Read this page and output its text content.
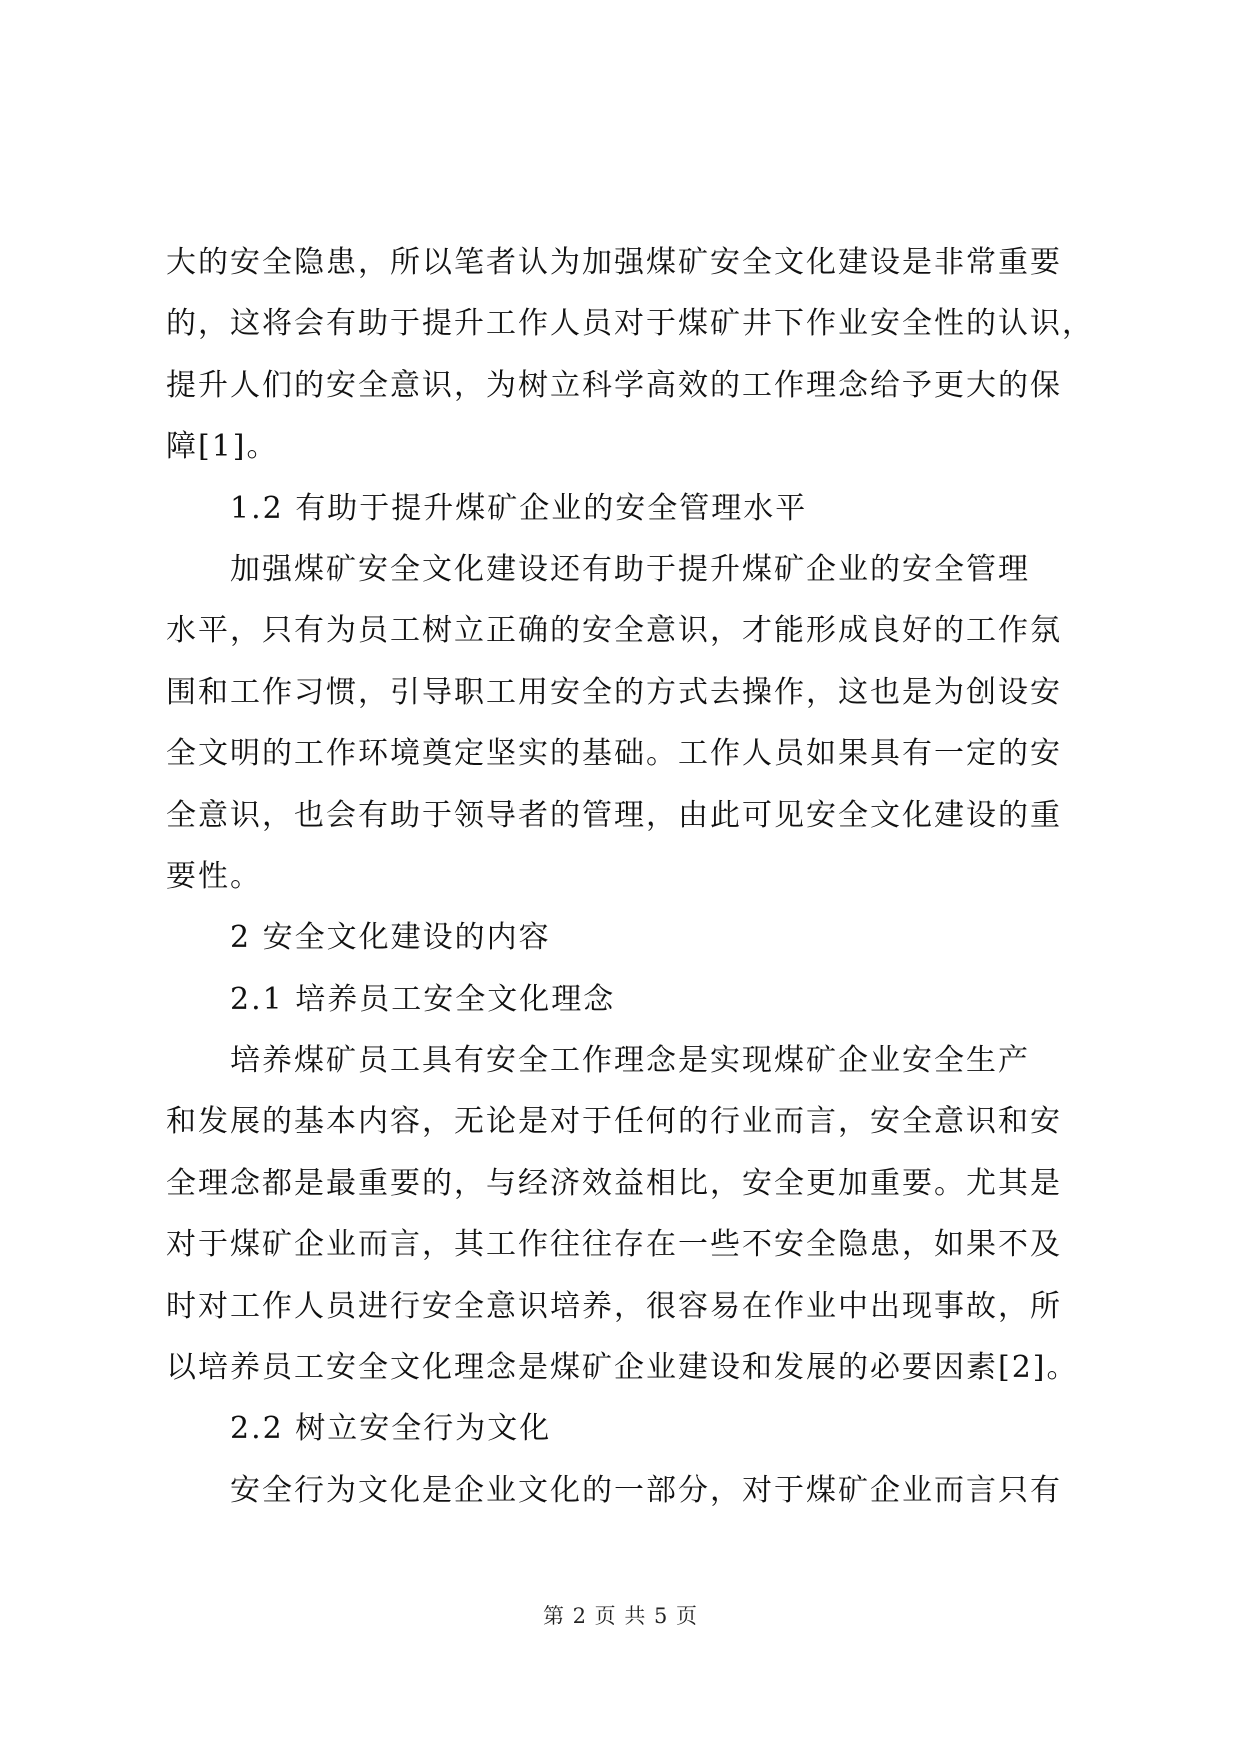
大的安全隐患，所以笔者认为加强煤矿安全文化建设是非常重要
的，这将会有助于提升工作人员对于煤矿井下作业安全性的认识，
提升人们的安全意识，为树立科学高效的工作理念给予更大的保
障[1]。
1.2 有助于提升煤矿企业的安全管理水平
加强煤矿安全文化建设还有助于提升煤矿企业的安全管理
水平，只有为员工树立正确的安全意识，才能形成良好的工作氛
围和工作习惯，引导职工用安全的方式去操作，这也是为创设安
全文明的工作环境奠定坚实的基础。工作人员如果具有一定的安
全意识，也会有助于领导者的管理，由此可见安全文化建设的重
要性。
2 安全文化建设的内容
2.1 培养员工安全文化理念
培养煤矿员工具有安全工作理念是实现煤矿企业安全生产
和发展的基本内容，无论是对于任何的行业而言，安全意识和安
全理念都是最重要的，与经济效益相比，安全更加重要。尤其是
对于煤矿企业而言，其工作往往存在一些不安全隐患，如果不及
时对工作人员进行安全意识培养，很容易在作业中出现事故，所
以培养员工安全文化理念是煤矿企业建设和发展的必要因素[2]。
2.2 树立安全行为文化
安全行为文化是企业文化的一部分，对于煤矿企业而言只有
第 2 页 共 5 页
